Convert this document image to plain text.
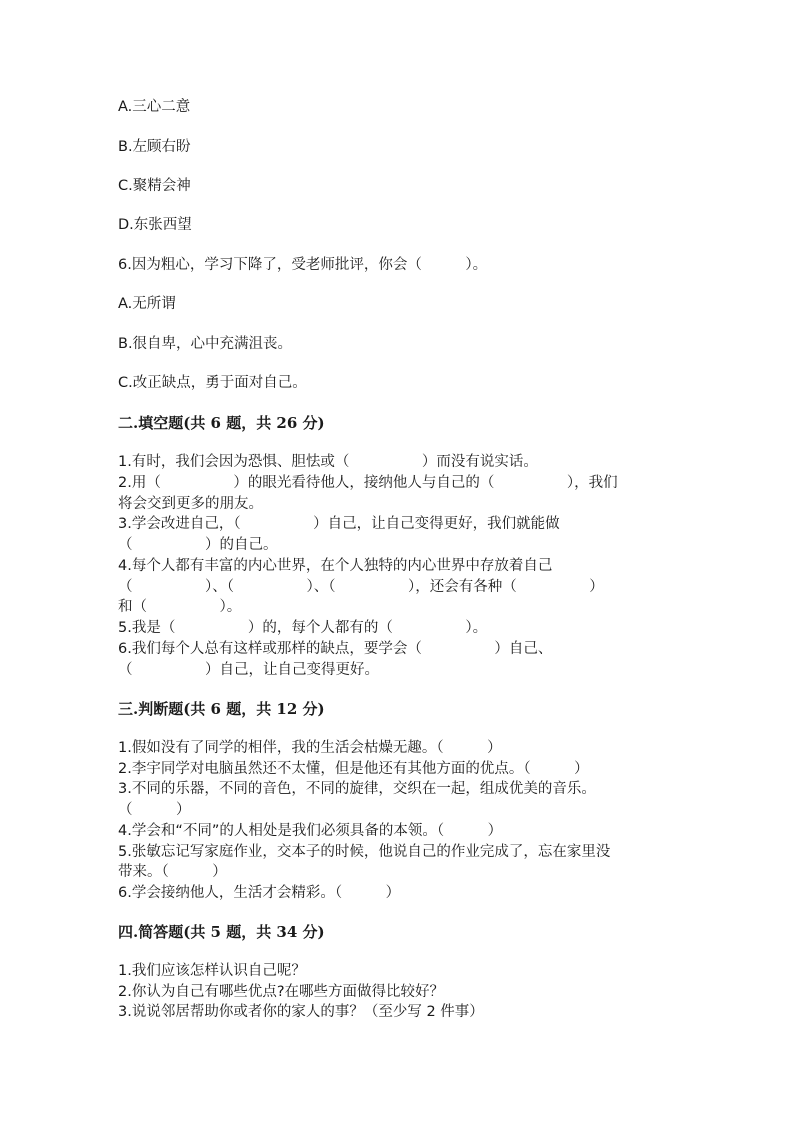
A.三心二意
B.左顾右盼
C.聚精会神
D.东张西望
6.因为粗心，学习下降了，受老师批评，你会（　　　）。
A.无所谓
B.很自卑，心中充满沮丧。
C.改正缺点，勇于面对自己。
二.填空题(共 6 题，共 26 分)
1.有时，我们会因为恐惧、胆怯或（　　　　　）而没有说实话。
2.用（　　　　　）的眼光看待他人，接纳他人与自己的（　　　　　），我们
将会交到更多的朋友。
3.学会改进自己，（　　　　　）自己，让自己变得更好，我们就能做
（　　　　　）的自己。
4.每个人都有丰富的内心世界，在个人独特的内心世界中存放着自己
（　　　　　）、（　　　　　）、（　　　　　），还会有各种（　　　　　）
和（　　　　　）。
5.我是（　　　　　）的，每个人都有的（　　　　　）。
6.我们每个人总有这样或那样的缺点，要学会（　　　　　）自己、
（　　　　　）自己，让自己变得更好。
三.判断题(共 6 题，共 12 分)
1.假如没有了同学的相伴，我的生活会枯燥无趣。（　　　）
2.李宇同学对电脑虽然还不太懂，但是他还有其他方面的优点。（　　　）
3.不同的乐器，不同的音色，不同的旋律，交织在一起，组成优美的音乐。
（　　　）
4.学会和“不同”的人相处是我们必须具备的本领。（　　　）
5.张敏忘记写家庭作业，交本子的时候，他说自己的作业完成了，忘在家里没
带来。（　　　）
6.学会接纳他人，生活才会精彩。（　　　）
四.简答题(共 5 题，共 34 分)
1.我们应该怎样认识自己呢？
2.你认为自己有哪些优点?在哪些方面做得比较好？
3.说说邻居帮助你或者你的家人的事？（至少写 2 件事）
